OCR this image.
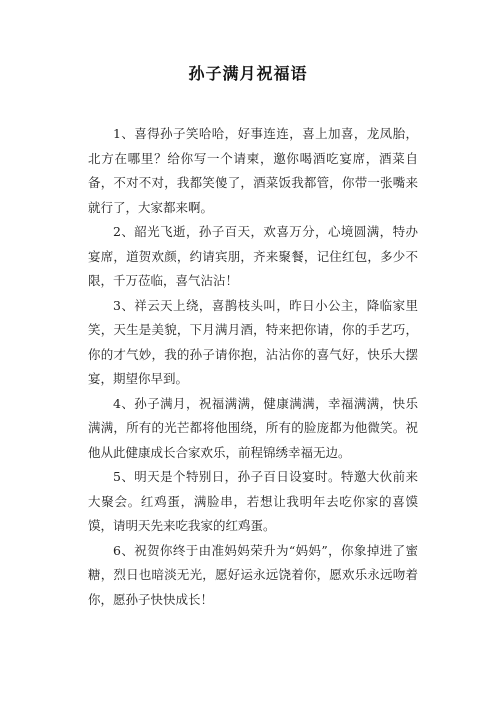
孙子满月祝福语

1、喜得孙子笑哈哈，好事连连，喜上加喜，龙凤胎，北方在哪里？给你写一个请柬，邀你喝酒吃宴席，酒菜自备，不对不对，我都笑傻了，酒菜饭我都管，你带一张嘴来就行了，大家都来啊。

2、韶光飞逝，孙子百天，欢喜万分，心境圆满，特办宴席，道贺欢颜，约请宾朋，齐来聚餐，记住红包，多少不限，千万莅临，喜气沾沾！

3、祥云天上绕，喜鹊枝头叫，昨日小公主，降临家里笑，天生是美貌，下月满月酒，特来把你请，你的手艺巧，你的才气妙，我的孙子请你抱，沾沾你的喜气好，快乐大摆宴，期望你早到。

4、孙子满月，祝福满满，健康满满，幸福满满，快乐满满，所有的光芒都将他围绕，所有的脸庞都为他微笑。祝他从此健康成长合家欢乐，前程锦绣幸福无边。

5、明天是个特别日，孙子百日设宴时。特邀大伙前来大聚会。红鸡蛋，满脸串，若想让我明年去吃你家的喜馍馍，请明天先来吃我家的红鸡蛋。

6、祝贺你终于由准妈妈荣升为“妈妈”，你象掉进了蜜糖，烈日也暗淡无光，愿好运永远饶着你，愿欢乐永远吻着你，愿孙子快快成长！
